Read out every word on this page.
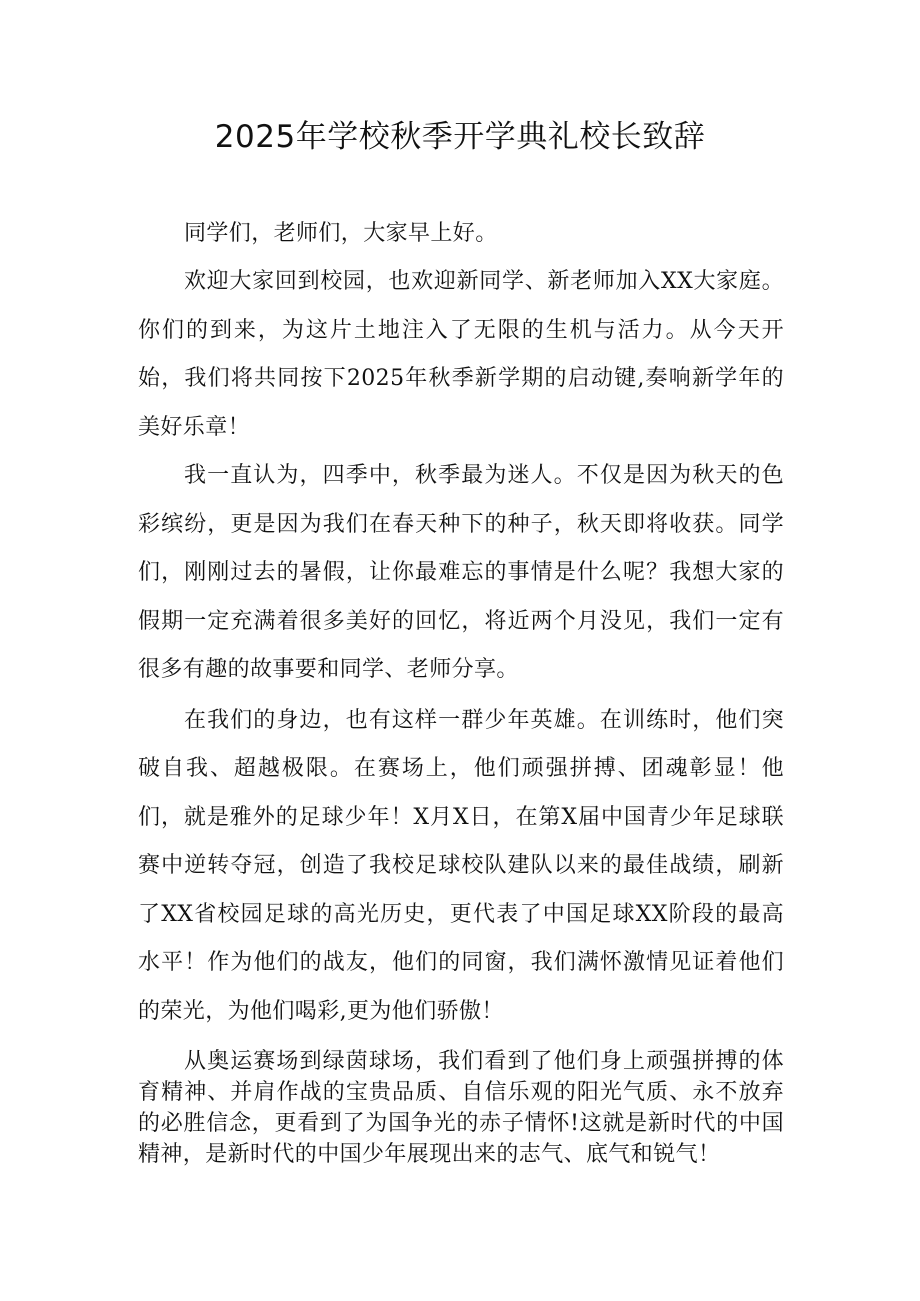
2025年学校秋季开学典礼校长致辞

同学们，老师们，大家早上好。

欢迎大家回到校园，也欢迎新同学、新老师加入XX大家庭。你们的到来，为这片土地注入了无限的生机与活力。从今天开始，我们将共同按下2025年秋季新学期的启动键,奏响新学年的美好乐章！

我一直认为，四季中，秋季最为迷人。不仅是因为秋天的色彩缤纷，更是因为我们在春天种下的种子，秋天即将收获。同学们，刚刚过去的暑假，让你最难忘的事情是什么呢？我想大家的假期一定充满着很多美好的回忆，将近两个月没见，我们一定有很多有趣的故事要和同学、老师分享。

在我们的身边，也有这样一群少年英雄。在训练时，他们突破自我、超越极限。在赛场上，他们顽强拼搏、团魂彰显！他们，就是雅外的足球少年！X月X日，在第X届中国青少年足球联赛中逆转夺冠，创造了我校足球校队建队以来的最佳战绩，刷新了XX省校园足球的高光历史，更代表了中国足球XX阶段的最高水平！作为他们的战友，他们的同窗，我们满怀激情见证着他们的荣光，为他们喝彩,更为他们骄傲！

从奥运赛场到绿茵球场，我们看到了他们身上顽强拼搏的体育精神、并肩作战的宝贵品质、自信乐观的阳光气质、永不放弃的必胜信念，更看到了为国争光的赤子情怀!这就是新时代的中国精神，是新时代的中国少年展现出来的志气、底气和锐气！
